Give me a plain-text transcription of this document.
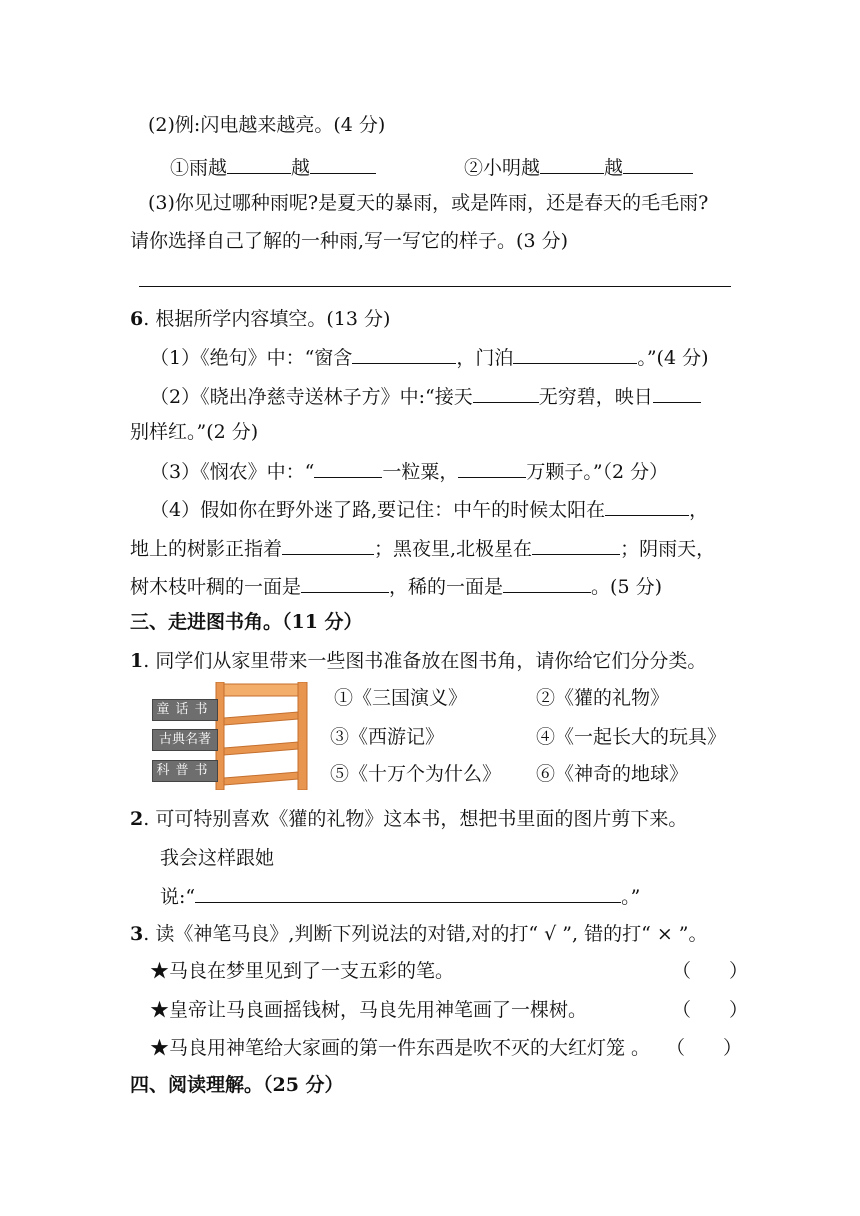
(2)例:闪电越来越亮。(4 分)
①雨越	越	②小明越	越
(3)你见过哪种雨呢?是夏天的暴雨，或是阵雨，还是春天的毛毛雨?
请你选择自己了解的一种雨,写一写它的样子。(3 分)
6. 根据所学内容填空。(13 分)
（1）《绝句》中：“窗含	，门泊	。”(4 分)
（2）《晓出净慈寺送林子方》中:“接天	无穷碧，映日
别样红。”(2 分)
（3）《悯农》中：“	一粒粟，	万颗子。”（2 分）
（4）假如你在野外迷了路,要记住：中午的时候太阳在	，
地上的树影正指着	；黑夜里,北极星在	；阴雨天，
树木枝叶稠的一面是	，稀的一面是	。(5 分)
三、走进图书角。（11 分）
1. 同学们从家里带来一些图书准备放在图书角，请你给它们分分类。
童话书
古典名著
科普书
①《三国演义》	②《獾的礼物》
③《西游记》	④《一起长大的玩具》
⑤《十万个为什么》 ⑥《神奇的地球》
2. 可可特别喜欢《獾的礼物》这本书，想把书里面的图片剪下来。
我会这样跟她
说:“	。”
3. 读《神笔马良》,判断下列说法的对错,对的打“ √ ”, 错的打“ × ”。
★马良在梦里见到了一支五彩的笔。	（　　）
★皇帝让马良画摇钱树，马良先用神笔画了一棵树。	（　　）
★马良用神笔给大家画的第一件东西是吹不灭的大红灯笼 。 （　　）
四、阅读理解。（25 分）
